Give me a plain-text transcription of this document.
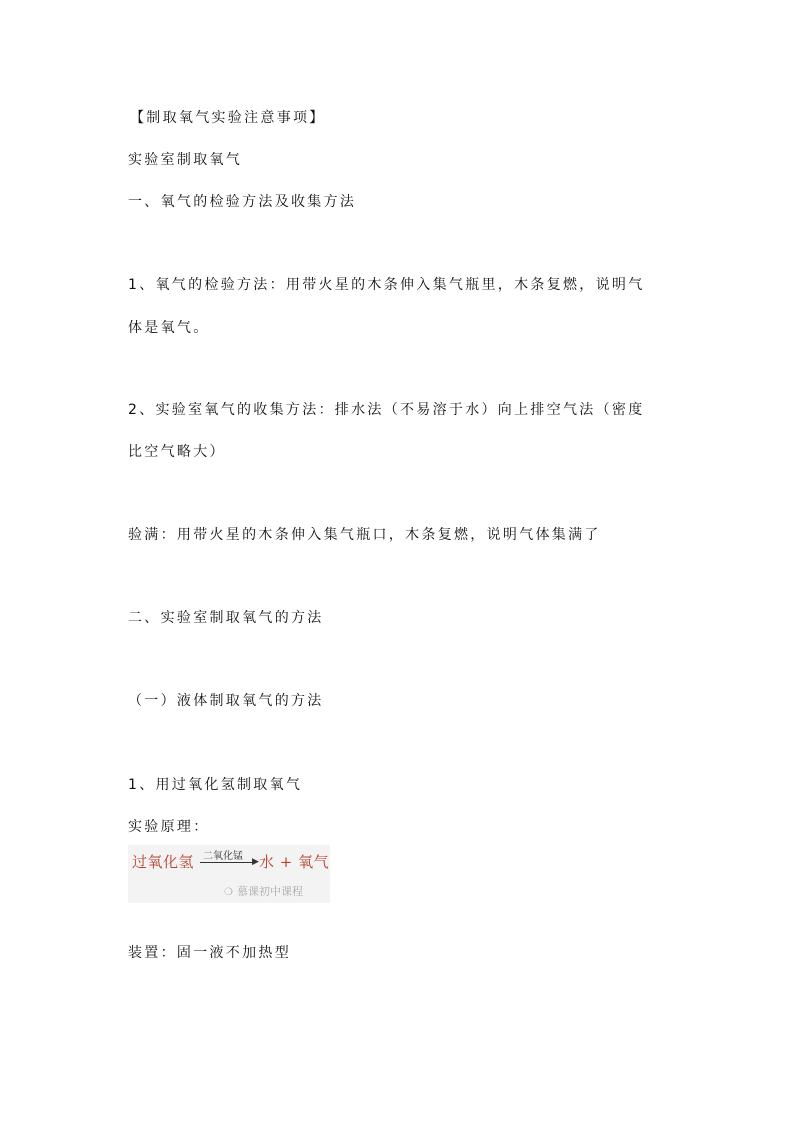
【制取氧气实验注意事项】
实验室制取氧气
一、氧气的检验方法及收集方法
1、氧气的检验方法：用带火星的木条伸入集气瓶里，木条复燃，说明气
体是氧气。
2、实验室氧气的收集方法：排水法（不易溶于水）向上排空气法（密度
比空气略大）
验满：用带火星的木条伸入集气瓶口，木条复燃，说明气体集满了
二、实验室制取氧气的方法
（一）液体制取氧气的方法
1、用过氧化氢制取氧气
实验原理：
过氧化氢 二氧化锰 ▶ 水 + 氧气
❍ 慕课初中课程
装置：固一液不加热型
